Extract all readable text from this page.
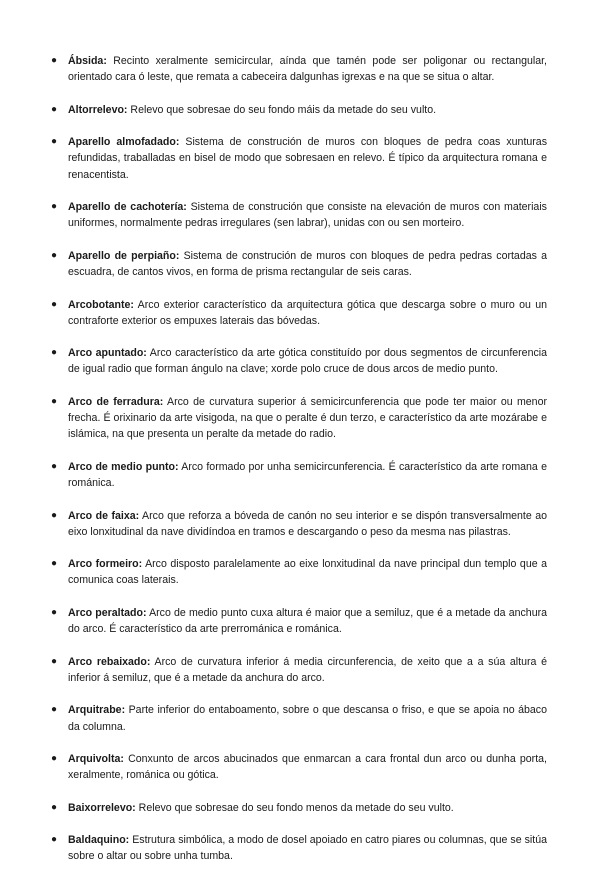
● Ábsida: Recinto xeralmente semicircular, aínda que tamén pode ser poligonar ou rectangular, orientado cara ó leste, que remata a cabeceira dalgunhas igrexas e na que se situa o altar.
● Altorrelevo: Relevo que sobresae do seu fondo máis da metade do seu vulto.
● Aparello almofadado: Sistema de construción de muros con bloques de pedra coas xunturas refundidas, traballadas en bisel de modo que sobresaen en relevo. É típico da arquitectura romana e renacentista.
● Aparello de cachotería: Sistema de construción que consiste na elevación de muros con materiais uniformes, normalmente pedras irregulares (sen labrar), unidas con ou sen morteiro.
● Aparello de perpiaño: Sistema de construción de muros con bloques de pedra pedras cortadas a escuadra, de cantos vivos, en forma de prisma rectangular de seis caras.
● Arcobotante: Arco exterior característico da arquitectura gótica que descarga sobre o muro ou un contraforte exterior os empuxes laterais das bóvedas.
● Arco apuntado: Arco característico da arte gótica constituído por dous segmentos de circunferencia de igual radio que forman ángulo na clave; xorde polo cruce de dous arcos de medio punto.
● Arco de ferradura: Arco de curvatura superior á semicircunferencia que pode ter maior ou menor frecha. É orixinario da arte visigoda, na que o peralte é dun terzo, e característico da arte mozárabe e islámica, na que presenta un peralte da metade do radio.
● Arco de medio punto: Arco formado por unha semicircunferencia. É característico da arte romana e románica.
● Arco de faixa: Arco que reforza a bóveda de canón no seu interior e se dispón transversalmente ao eixo lonxitudinal da nave dividíndoa en tramos e descargando o peso da mesma nas pilastras.
● Arco formeiro: Arco disposto paralelamente ao eixe lonxitudinal da nave principal dun templo que a comunica coas laterais.
● Arco peraltado: Arco de medio punto cuxa altura é maior que a semiluz, que é a metade da anchura do arco. É característico da arte prerrománica e románica.
● Arco rebaixado: Arco de curvatura inferior á media circunferencia, de xeito que a a súa altura é inferior á semiluz, que é a metade da anchura do arco.
● Arquitrabe: Parte inferior do entaboamento, sobre o que descansa o friso, e que se apoia no ábaco da columna.
● Arquivolta: Conxunto de arcos abucinados que enmarcan a cara frontal dun arco ou dunha porta, xeralmente, románica ou gótica.
● Baixorrelevo: Relevo que sobresae do seu fondo menos da metade do seu vulto.
● Baldaquino: Estrutura simbólica, a modo de dosel apoiado en catro piares ou columnas, que se sitúa sobre o altar ou sobre unha tumba.
